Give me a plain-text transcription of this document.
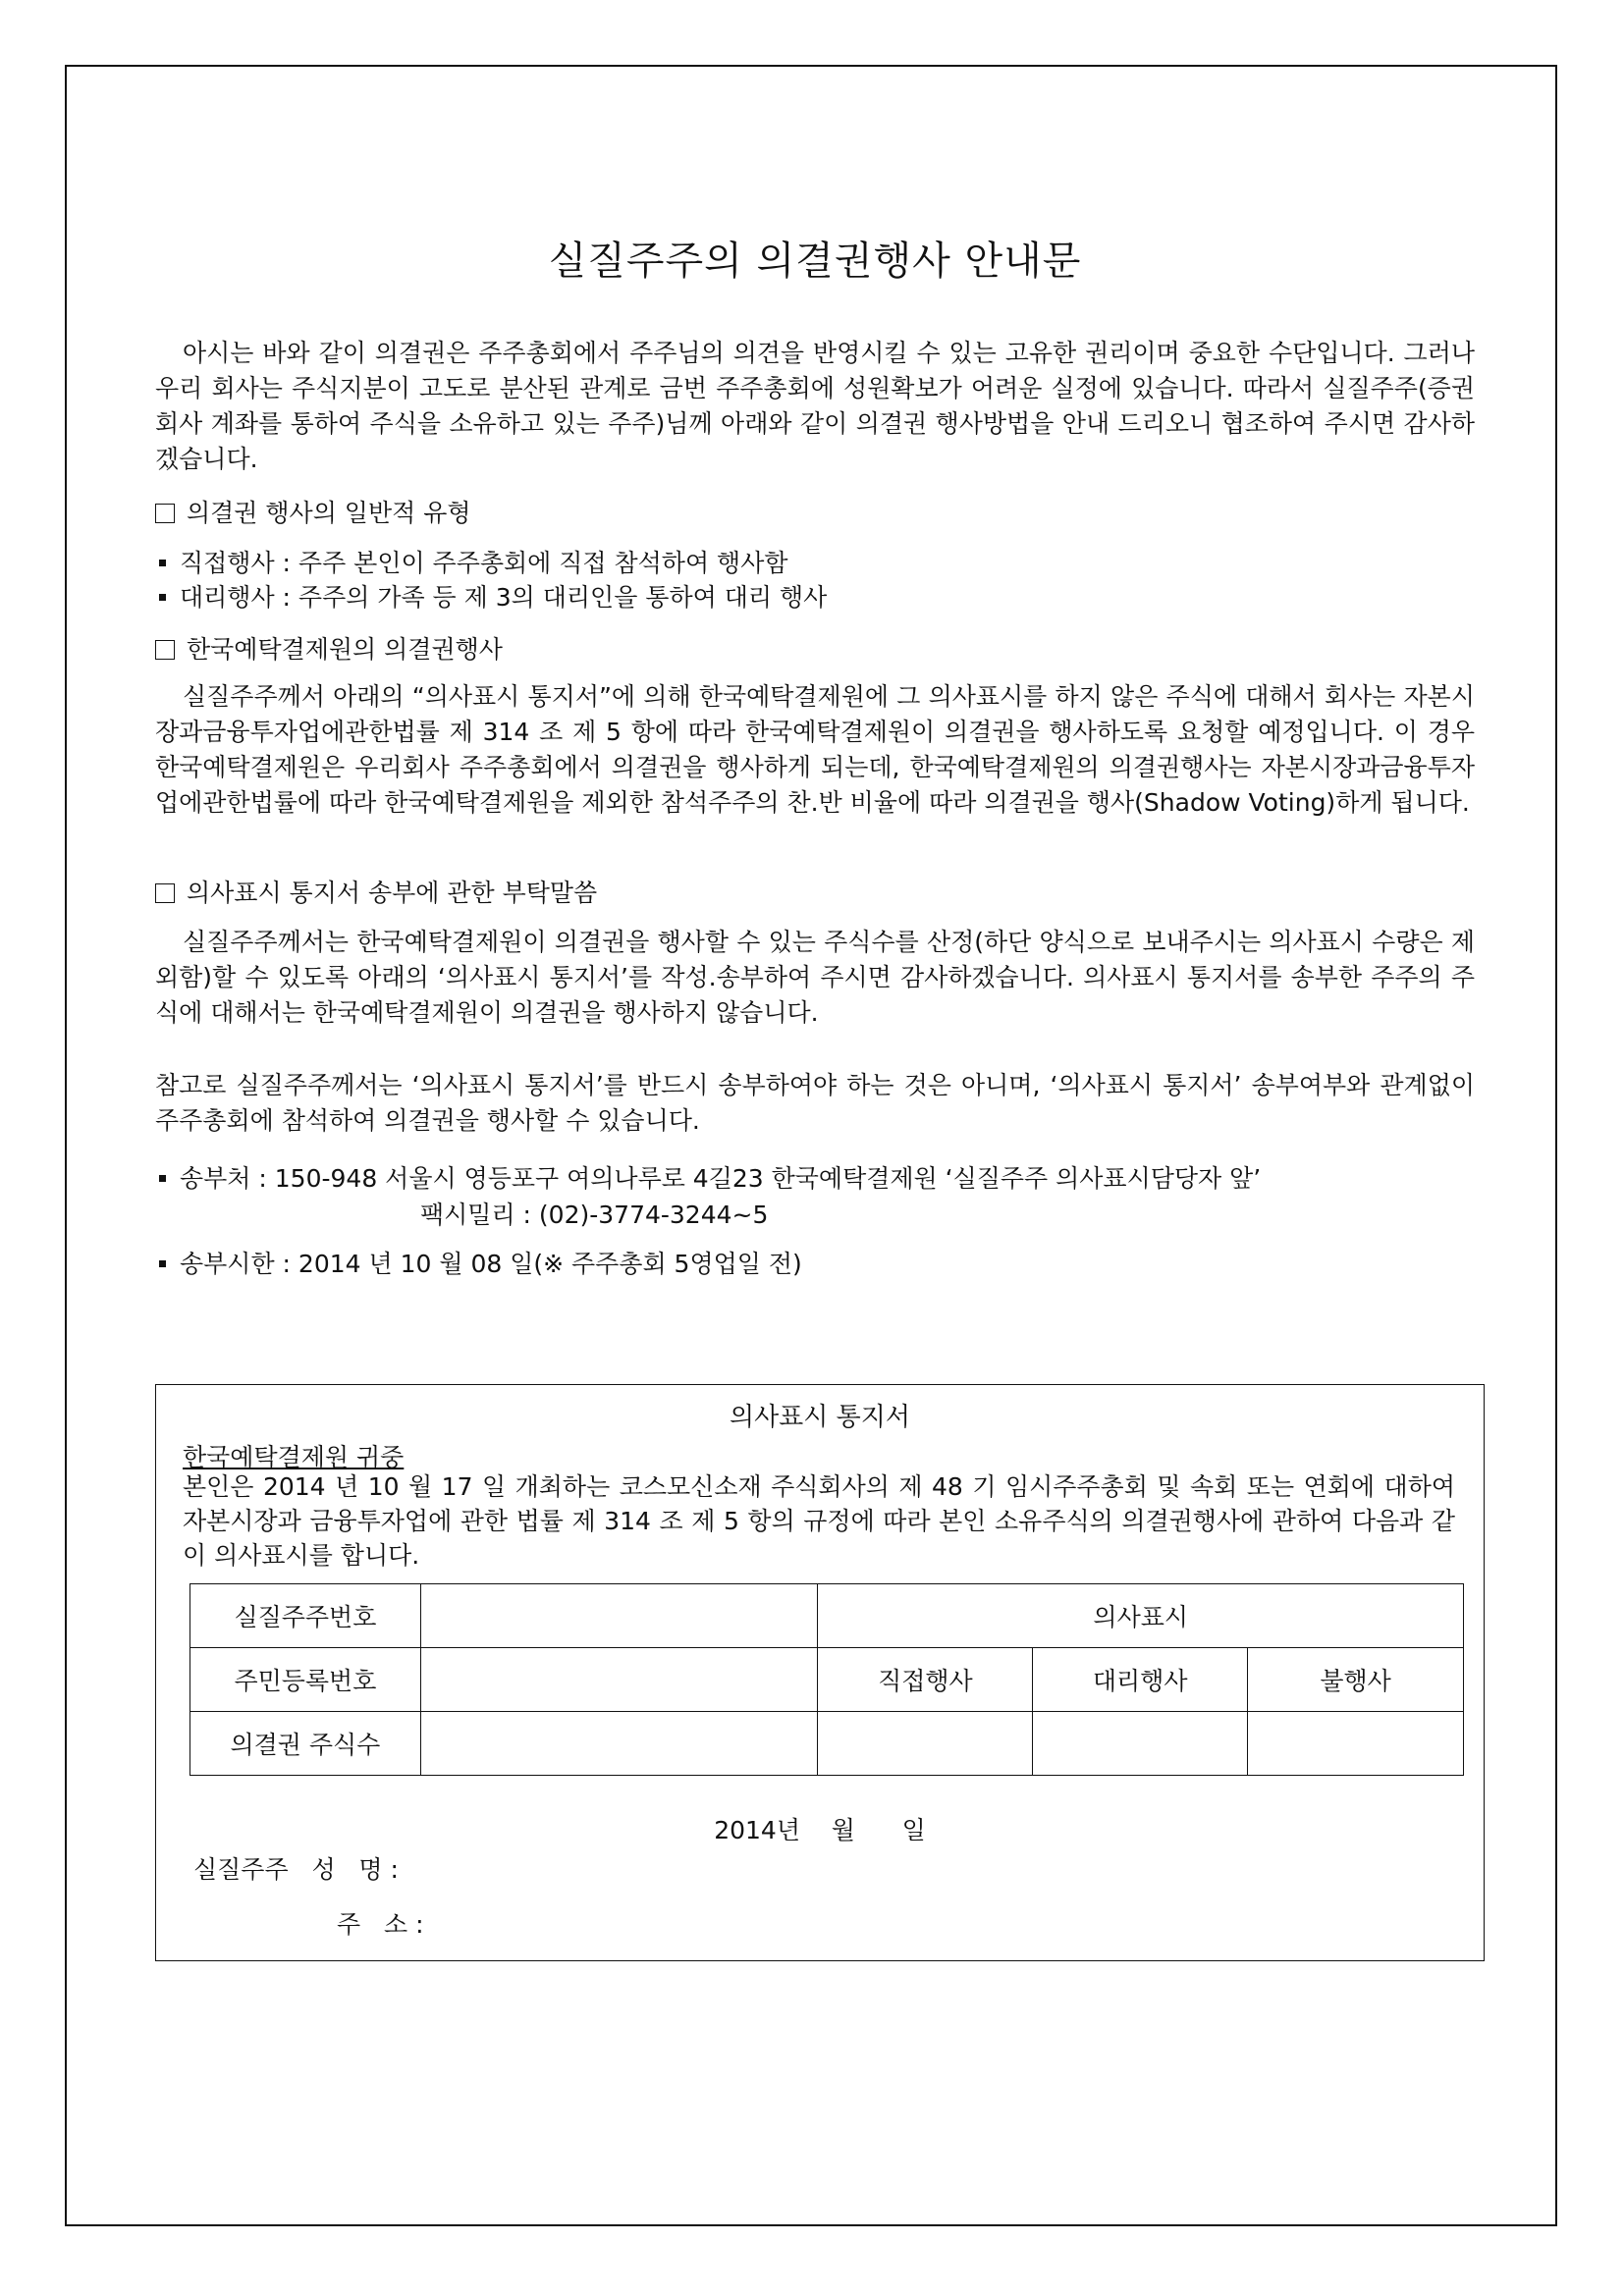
실질주주의 의결권행사 안내문
아시는 바와 같이 의결권은 주주총회에서 주주님의 의견을 반영시킬 수 있는 고유한 권리이며 중요한 수단입니다. 그러나 우리 회사는 주식지분이 고도로 분산된 관계로 금번 주주총회에 성원확보가 어려운 실정에 있습니다. 따라서 실질주주(증권회사 계좌를 통하여 주식을 소유하고 있는 주주)님께 아래와 같이 의결권 행사방법을 안내 드리오니 협조하여 주시면 감사하겠습니다.
의결권 행사의 일반적 유형
직접행사 : 주주 본인이 주주총회에 직접 참석하여 행사함
대리행사 : 주주의 가족 등 제 3의 대리인을 통하여 대리 행사
한국예탁결제원의 의결권행사
실질주주께서 아래의 “의사표시 통지서”에 의해 한국예탁결제원에 그 의사표시를 하지 않은 주식에 대해서 회사는 자본시장과금융투자업에관한법률 제 314 조 제 5 항에 따라 한국예탁결제원이 의결권을 행사하도록 요청할 예정입니다. 이 경우 한국예탁결제원은 우리회사 주주총회에서 의결권을 행사하게 되는데, 한국예탁결제원의 의결권행사는 자본시장과금융투자업에관한법률에 따라 한국예탁결제원을 제외한 참석주주의 찬.반 비율에 따라 의결권을 행사(Shadow Voting)하게 됩니다.
의사표시 통지서 송부에 관한 부탁말씀
실질주주께서는 한국예탁결제원이 의결권을 행사할 수 있는 주식수를 산정(하단 양식으로 보내주시는 의사표시 수량은 제외함)할 수 있도록 아래의 ‘의사표시 통지서’를 작성.송부하여 주시면 감사하겠습니다. 의사표시 통지서를 송부한 주주의 주식에 대해서는 한국예탁결제원이 의결권을 행사하지 않습니다.
참고로 실질주주께서는 ‘의사표시 통지서’를 반드시 송부하여야 하는 것은 아니며, ‘의사표시 통지서’ 송부여부와 관계없이 주주총회에 참석하여 의결권을 행사할 수 있습니다.
송부처 : 150-948 서울시 영등포구 여의나루로 4길23 한국예탁결제원 ‘실질주주 의사표시담당자 앞’
팩시밀리 : (02)-3774-3244~5
송부시한 : 2014 년 10 월 08 일(※ 주주총회 5영업일 전)
의사표시 통지서
한국예탁결제원 귀중
본인은 2014 년 10 월 17 일 개최하는 코스모신소재 주식회사의 제 48 기 임시주주총회 및 속회 또는 연회에 대하여 자본시장과 금융투자업에 관한 법률 제 314 조 제 5 항의 규정에 따라 본인 소유주식의 의결권행사에 관하여 다음과 같이 의사표시를 합니다.
실질주주번호		의사표시		
주민등록번호		직접행사	대리행사	불행사
의결권 주식수				
2014년    월      일
실질주주   성   명 :
주   소 :
